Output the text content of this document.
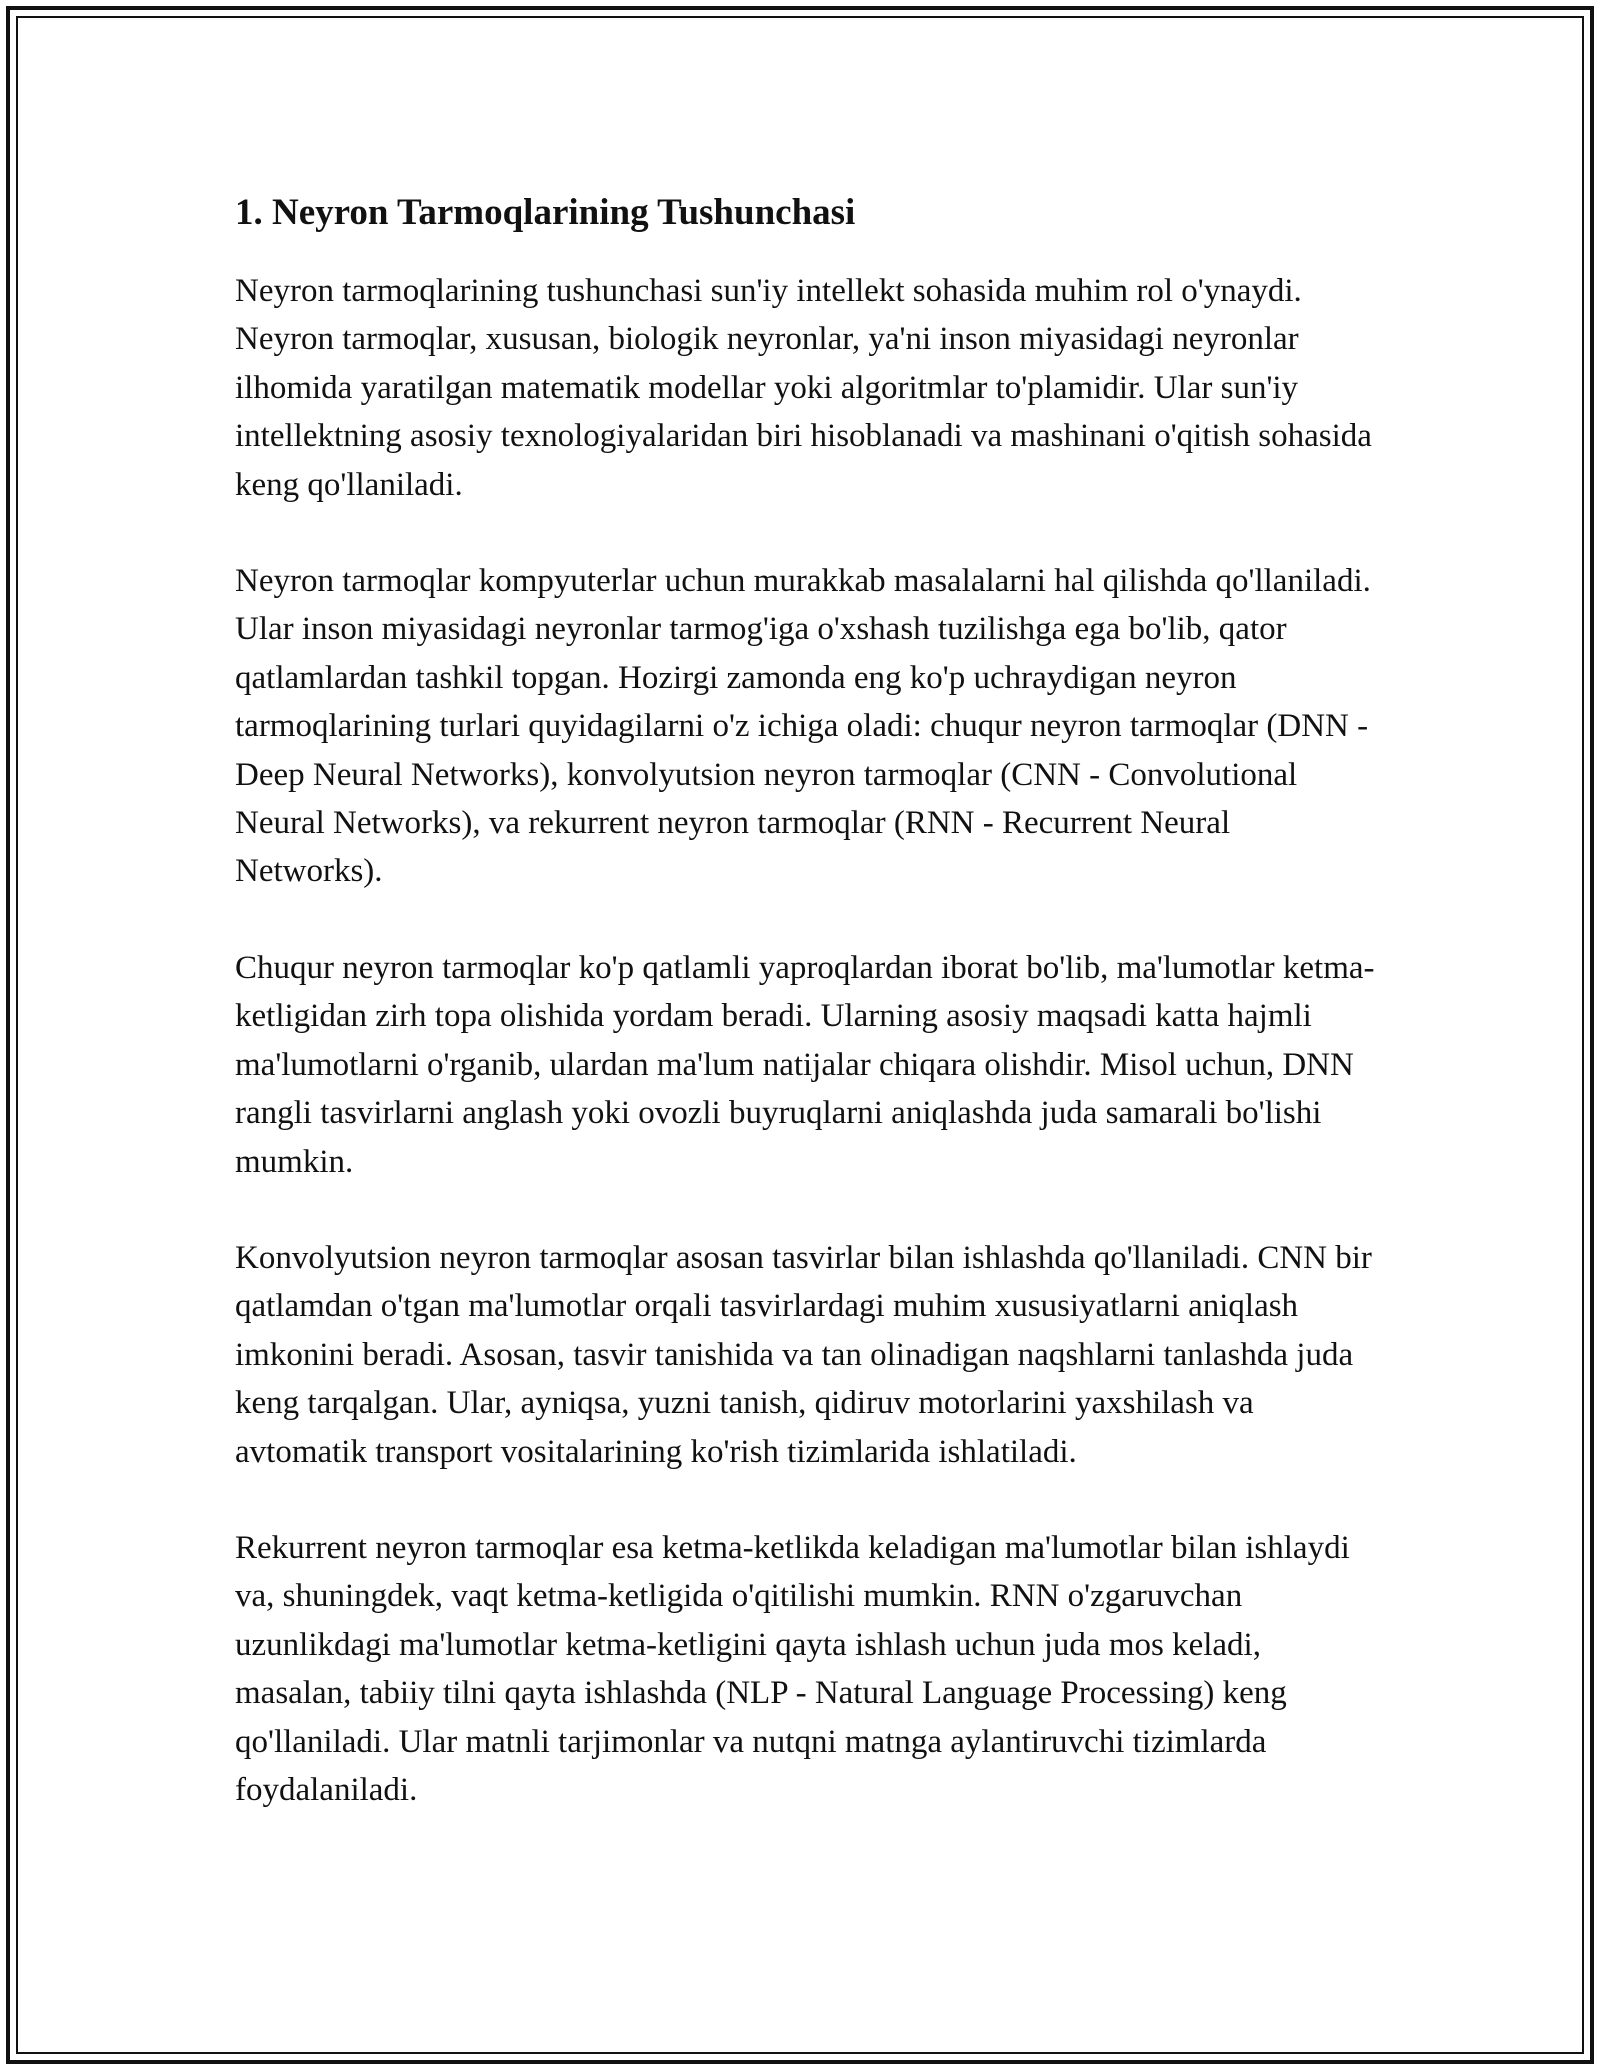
1. Neyron Tarmoqlarining Tushunchasi

Neyron tarmoqlarining tushunchasi sun'iy intellekt sohasida muhim rol o'ynaydi. Neyron tarmoqlar, xususan, biologik neyronlar, ya'ni inson miyasidagi neyronlar ilhomida yaratilgan matematik modellar yoki algoritmlar to'plamidir. Ular sun'iy intellektning asosiy texnologiyalaridan biri hisoblanadi va mashinani o'qitish sohasida keng qo'llaniladi.

Neyron tarmoqlar kompyuterlar uchun murakkab masalalarni hal qilishda qo'llaniladi. Ular inson miyasidagi neyronlar tarmog'iga o'xshash tuzilishga ega bo'lib, qator qatlamlardan tashkil topgan. Hozirgi zamonda eng ko'p uchraydigan neyron tarmoqlarining turlari quyidagilarni o'z ichiga oladi: chuqur neyron tarmoqlar (DNN - Deep Neural Networks), konvolyutsion neyron tarmoqlar (CNN - Convolutional Neural Networks), va rekurrent neyron tarmoqlar (RNN - Recurrent Neural Networks).

Chuqur neyron tarmoqlar ko'p qatlamli yaproqlardan iborat bo'lib, ma'lumotlar ketma-ketligidan zirh topa olishida yordam beradi. Ularning asosiy maqsadi katta hajmli ma'lumotlarni o'rganib, ulardan ma'lum natijalar chiqara olishdir. Misol uchun, DNN rangli tasvirlarni anglash yoki ovozli buyruqlarni aniqlashda juda samarali bo'lishi mumkin.

Konvolyutsion neyron tarmoqlar asosan tasvirlar bilan ishlashda qo'llaniladi. CNN bir qatlamdan o'tgan ma'lumotlar orqali tasvirlardagi muhim xususiyatlarni aniqlash imkonini beradi. Asosan, tasvir tanishida va tan olinadigan naqshlarni tanlashda juda keng tarqalgan. Ular, ayniqsa, yuzni tanish, qidiruv motorlarini yaxshilash va avtomatik transport vositalarining ko'rish tizimlarida ishlatiladi.

Rekurrent neyron tarmoqlar esa ketma-ketlikda keladigan ma'lumotlar bilan ishlaydi va, shuningdek, vaqt ketma-ketligida o'qitilishi mumkin. RNN o'zgaruvchan uzunlikdagi ma'lumotlar ketma-ketligini qayta ishlash uchun juda mos keladi, masalan, tabiiy tilni qayta ishlashda (NLP - Natural Language Processing) keng qo'llaniladi. Ular matnli tarjimonlar va nutqni matnga aylantiruvchi tizimlarda foydalaniladi.
